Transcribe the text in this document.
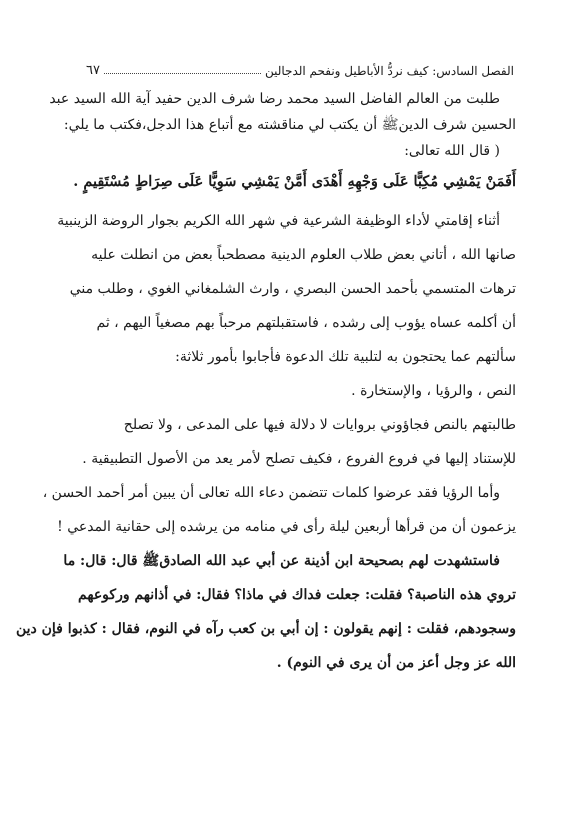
الفصل السادس: كيف نردُّ الأباطيل ونفحم الدجالين
٦٧
طلبت من العالم الفاضل السيد محمد رضا شرف الدين حفيد آية الله السيد عبد
الحسين شرف الدينﷺ أن يكتب لي مناقشته مع أتباع هذا الدجل،فكتب ما يلي:
( قال الله تعالى:
أَفَمَنْ يَمْشِي مُكِبًّا عَلَى وَجْهِهِ أَهْدَى أَمَّنْ يَمْشِي سَوِيًّا عَلَى صِرَاطٍ مُسْتَقِيمٍ .
أثناء إقامتي لأداء الوظيفة الشرعية في شهر الله الكريم بجوار الروضة الزينبية
صانها الله ، أتاني بعض طلاب العلوم الدينية مصطحباً بعض من انطلت عليه
ترهات المتسمي بأحمد الحسن البصري ، وارث الشلمغاني الغوي ، وطلب مني
أن أكلمه عساه يؤوب إلى رشده ، فاستقبلتهم مرحباً بهم مصغياً اليهم ، ثم
سألتهم عما يحتجون به لتلبية تلك الدعوة فأجابوا بأمور ثلاثة:
النص ، والرؤيا ، والإستخارة .
طالبتهم بالنص فجاؤوني بروايات لا دلالة فيها على المدعى ، ولا تصلح
للإستناد إليها في فروع الفروع ، فكيف تصلح لأمر يعد من الأصول التطبيقية .
وأما الرؤيا فقد عرضوا كلمات تتضمن دعاء الله تعالى أن يبين أمر أحمد الحسن ،
يزعمون أن من قرأها أربعين ليلة رأى في منامه من يرشده إلى حقانية المدعي !
فاستشهدت لهم بصحيحة ابن أذينة عن أبي عبد الله الصادقﷺ قال: قال: ما
تروي هذه الناصبة؟ فقلت: جعلت فداك في ماذا؟ فقال: في أذانهم وركوعهم
وسجودهم، فقلت : إنهم يقولون : إن أبي بن كعب رآه في النوم، فقال : كذبوا فإن دين
الله عز وجل أعز من أن يرى في النوم) .
